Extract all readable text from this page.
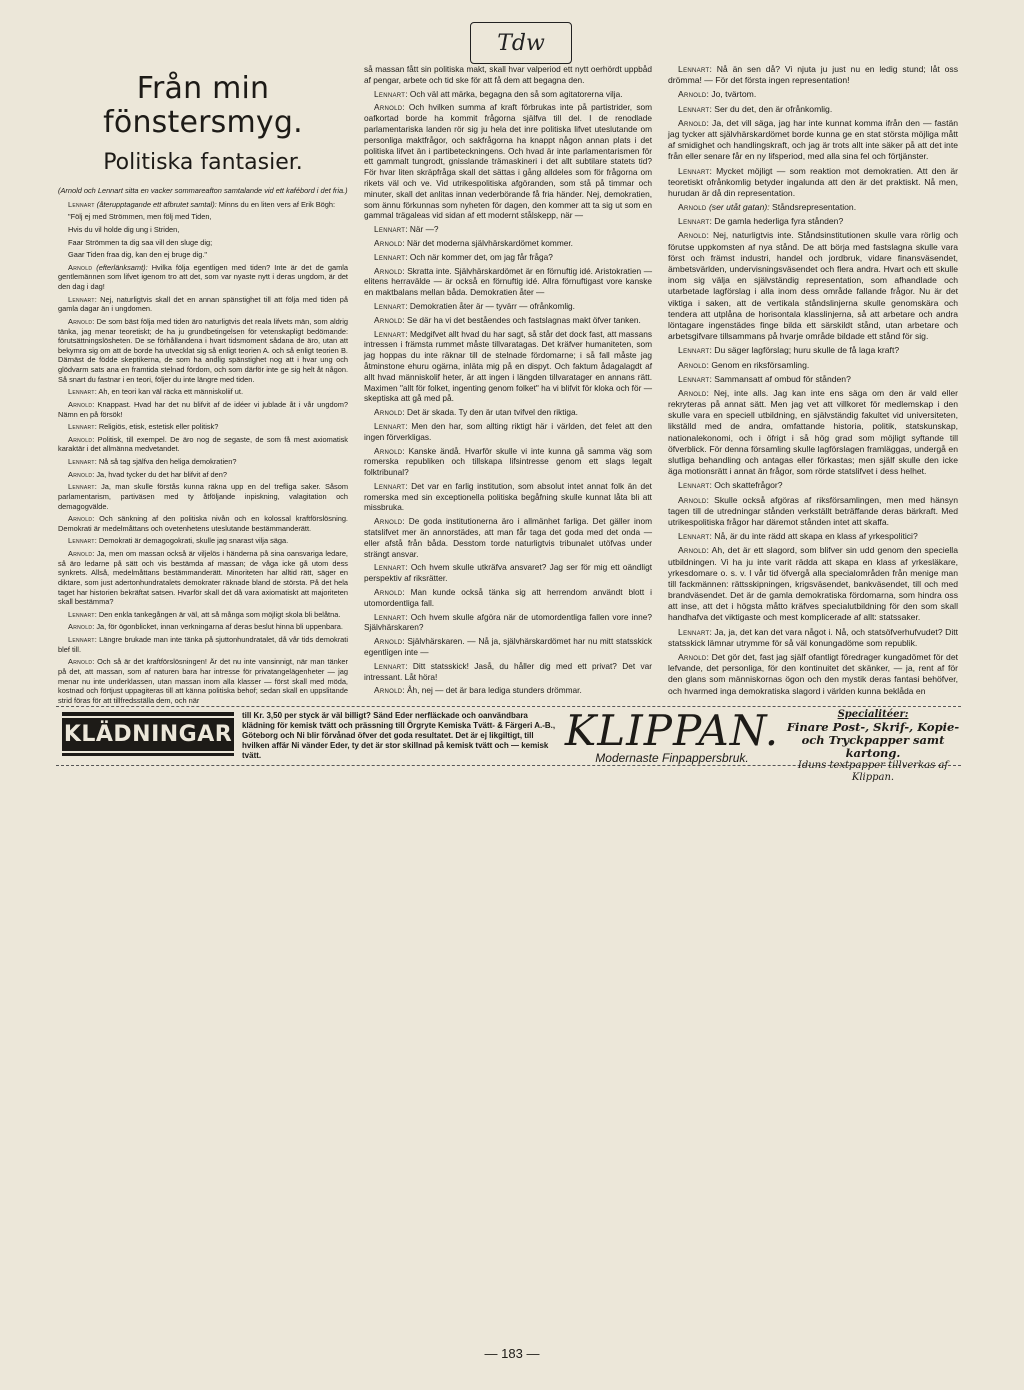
Tdw
Från min fönstersmyg.
Politiska fantasier.

(Arnold och Lennart sitta en vacker sommareafton samtalande vid ett kafébord i det fria.)

Lennart (återupptagande ett afbrutet samtal): Minns du en liten vers af Erik Bögh:

"Följ ej med Strömmen, men följ med Tiden,
Hvis du vil holde dig ung i Striden,
Faar Strömmen ta dig saa vill den sluge dig;
Gaar Tiden fraa dig, kan den ej bruge dig."

Arnold (efterlänksamt): Hvilka följa egentligen med tiden? Inte är det de gamla gentlemännen som lifvet igenom tro att det, som var nyaste nytt i deras ungdom, är det den dag i dag!

Lennart: Nej, naturligtvis skall det en annan spänstighet till att följa med tiden på gamla dagar än i ungdomen.

Arnold: De som bäst följa med tiden äro naturligtvis det reala lifvets män, som aldrig tänka, jag menar teoretiskt; de ha ju grundbetingelsen för vetenskapligt bedömande: förutsättningslösheten. De se förhållandena i hvart tidsmoment sådana de äro, utan att bekymra sig om att de borde ha utvecklat sig så enligt teorien A. och så enligt teorien B. Därnäst de födde skeptikerna, de som ha andlig spänstighet nog att i hvar ung och glödvarm sats ana en framtida stelnad fördom, och som därför inte ge sig helt åt någon. Så snart du fastnar i en teori, följer du inte längre med tiden.

Lennart: Ah, en teori kan väl räcka ett människoliif ut.

Arnold: Knappast. Hvad har det nu blifvit af de idéer vi jublade åt i vår ungdom? Nämn en på försök!

Lennart: Religiös, etisk, estetisk eller politisk?

Arnold: Politisk, till exempel. De äro nog de segaste, de som få mest axiomatisk karaktär i det allmänna medvetandet.

Lennart: Nå så tag själfva den heliga demokratien?

Arnold: Ja, hvad tycker du det har blifvit af den?

Lennart: Ja, man skulle förstås kunna räkna upp en del trefliga saker. Såsom parlamentarism, partiväsen med ty åtföljande inpiskning, valagitation och demagogvälde.

Arnold: Och sänkning af den politiska nivån och en kolossal kraftförslösning. Demokrati är medelmåttans och ovetenhetens uteslutande bestämmanderätt.

Lennart: Demokrati är demagogokrati, skulle jag snarast vilja säga.

Arnold: Ja, men om massan också är viljelös i händerna på sina oansvariga ledare, så äro ledarne på sätt och vis bestämda af massan; de våga icke gå utom dess synkrets. Allså, medelmåttans bestämmanderätt. Minoriteten har alltid rätt, säger en diktare, som just adertonhundratalets demokrater räknade bland de största. På det hela taget har historien bekräftat satsen. Hvarför skall det då vara axiomatiskt att majoriteten skall bestämma?

Lennart: Den enkla tankegången är väl, att så många som möjligt skola bli belåtna.

Arnold: Ja, för ögonblicket, innan verkningarna af deras beslut hinna bli uppenbara.

Lennart: Längre brukade man inte tänka på sjuttonhundratalet, då vår tids demokrati blef till.

Arnold: Och så är det kraftförslösningen! Är det nu inte vansinnigt, när man tänker på det, att massan, som af naturen bara har intresse för privatangelägenheter — jag menar nu inte underklassen, utan massan inom alla klasser — först skall med möda, kostnad och förtjust uppagiteras till att känna politiska behof; sedan skall en uppslitande strid föras för att tillfredsställa dem, och när

så massan fått sin politiska makt, skall hvar valperiod ett nytt oerhördt uppbåd af pengar, arbete och tid ske för att få dem att begagna den.

Lennart: Och väl att märka, begagna den så som agitatorerna vilja.

Arnold: Och hvilken summa af kraft förbrukas inte på partistrider, som oafkortad borde ha kommit frågorna själfva till del. I de renodlade parlamentariska landen rör sig ju hela det inre politiska lifvet uteslutande om personliga maktfrågor, och sakfrågorna ha knappt någon annan plats i det politiska lifvet än i partibeteckningens. Och hvad är inte parlamentarismen för ett gammalt tungrodt, gnisslande trämaskineri i det allt subtilare statets tid? För hvar liten skräpfråga skall det sättas i gång alldeles som för frågorna om rikets väl och ve. Vid utrikespolitiska afgöranden, som stå på timmar och minuter, skall det anlitas innan vederbörande få fria händer. Nej, demokratien, som ännu förkunnas som nyheten för dagen, den kommer att ta sig ut som en gammal trägaleas vid sidan af ett modernt stålskepp, när —

Lennart: När —?

Arnold: När det moderna självhärskardömet kommer.

Lennart: Och när kommer det, om jag får fråga?

Arnold: Skrattа inte. Självhärskardömet är en förnuftig idé. Aristokratien — elitens herravälde — är också en förnuftig idé. Allra förnuftigast vore kanske en maktbalans mellan båda. Demokratien åter —

Lennart: Demokratien åter är — tyvärr — ofrånkomlig.

Arnold: Se där ha vi det beståendes och fastslagnas makt öfver tanken.

Lennart: Medgifvet allt hvad du har sagt, så står det dock fast, att massans intressen i främsta rummet måste tillvaratagas. Det kräfver humaniteten, som jag hoppas du inte räknar till de stelnade fördomarne; i så fall måste jag åtminstone ehuru ogärna, inläta mig på en dispyt. Och faktum ådagalagdt af allt hvad människolif heter, är att ingen i längden tillvaratager en annans rätt. Maximen "allt för folket, ingenting genom folket" ha vi blifvit för kloka och för — skeptiska att gå med på.

Arnold: Det är skada. Ty den är utan tvifvel den riktiga.

Lennart: Men den har, som allting riktigt här i världen, det felet att den ingen förverkligas.

Arnold: Kanske ändå. Hvarför skulle vi inte kunna gå samma väg som romerska republiken och tillskapa lifsintresse genom ett slags legalt folktribunal?

Lennart: Det var en farlig institution, som absolut intet annat folk än det romerska med sin exceptionella politiska begåfning skulle kunnat låta bli att missbruka.

Arnold: De goda institutionerna äro i allmänhet farliga. Det gäller inom statslifvet mer än annorstädes, att man får taga det goda med det onda — eller afstå från båda. Desstom torde naturligtvis tribunalet utöfvas under strängt ansvar.

Lennart: Och hvem skulle utkräfva ansvaret? Jag ser för mig ett oändligt perspektiv af riksrätter.

Arnold: Man kunde också tänka sig att herrendom användt blott i utomordentliga fall.

Lennart: Och hvem skulle afgöra när de utomordentliga fallen vore inne? Självhärskaren?

Arnold: Självhärskaren. — Nå ja, självhärskardömet har nu mitt statsskick egentligen inte —

Lennart: Ditt statsskick! Jaså, du håller dig med ett privat? Det var intressant. Låt höra!

Arnold: Åh, nej — det är bara lediga stunders drömmar.

Lennart: Nå än sen då? Vi njuta ju just nu en ledig stund; låt oss drömma! — För det första ingen representation!

Arnold: Jo, tvärtom.

Lennart: Ser du det, den är ofrånkomlig.

Arnold: Ja, det vill säga, jag har inte kunnat komma ifrån den — fastän jag tycker att självhärskardömet borde kunna ge en stat största möjliga mått af smidighet och handlingskraft, och jag är trots allt inte säker på att det inte från eller senare får en ny lifsperiod, med alla sina fel och förtjänster.

Lennart: Mycket möjligt — som reaktion mot demokratien. Att den är teoretiskt ofrånkomlig betyder ingalunda att den är det praktiskt. Nå men, hurudan är då din representation.

Arnold (ser utåt gatan): Ståndsrepresentation.

Lennart: De gamla hederliga fyra stånden?

Arnold: Nej, naturligtvis inte. Ståndsinstitutionen skulle vara rörlig och förutse uppkomsten af nya stånd. De att börja med fastslagna skulle vara först och främst industri, handel och jordbruk, vidare finansväsendet, ämbetsvärlden, undervisningsväsendet och flera andra. Hvart och ett skulle inom sig välja en självständig representation, som afhandlade och utarbetade lagförslag i alla inom dess område fallande frågor. Nu är det viktiga i saken, att de vertikala ståndslinjerna skulle genomskära och tendera att utplåna de horisontala klasslinjerna, så att arbetare och andra löntagare ingenstädes finge bilda ett särskildt stånd, utan arbetare och arbetsgifvare tillsammans på hvarje område bildade ett stånd för sig.

Lennart: Du säger lagförslag; huru skulle de få laga kraft?

Arnold: Genom en riksförsamling.

Lennart: Sammansatt af ombud för stånden?

Arnold: Nej, inte alls. Jag kan inte ens säga om den är vald eller rekryteras på annat sätt. Men jag vet att villkoret för medlemskap i den skulle vara en speciell utbildning, en självständig fakultet vid universiteten, likställd med de andra, omfattande historia, politik, statskunskap, nationalekonomi, och i öfrigt i så hög grad som möjligt syftande till öfverblick. För denna församling skulle lagförslagen framläggas, undergå en slutliga behandling och antagas eller förkastas; men själf skulle den icke äga motionsrätt i annat än frågor, som rörde statslifvet i dess helhet.

Lennart: Och skattefrågor?

Arnold: Skulle också afgöras af riksförsamlingen, men med hänsyn tagen till de utredningar stånden verkställt beträffande deras bärkraft. Med utrikespolitiska frågor har däremot stånden intet att skaffa.

Lennart: Nå, är du inte rädd att skapa en klass af yrkespolitici?

Arnold: Ah, det är ett slagord, som blifver sin udd genom den speciella utbildningen. Vi ha ju inte varit rädda att skapa en klass af yrkesläkare, yrkesdomare o. s. v. I vår tid öfvergå alla specialområden från menige man till fackmännen: rättsskipningen, krigsväsendet, bankväsendet, till och med brandväsendet. Det är de gamla demokratiska fördomarna, som hindra oss att inse, att det i högsta måtto kräfves specialutbildning för den som skall handhafva det viktigaste och mest komplicerade af allt: statssaker.

Lennart: Ja, ja, det kan det vara något i. Nå, och statsöfverhufvudet? Ditt statsskick lämnar utrymme för så väl konungadöme som republik.

Arnold: Det gör det, fast jag själf ofantligt föredrager kungadömet för det lefvande, det personliga, för den kontinuitet det skänker, — ja, rent af för den glans som människornas ögon och den mystik deras fantasi behöfver, och hvarmed inga demokratiska slagord i världen kunna beklåda en

KLÄDNINGAR
till Kr. 3,50 per styck är väl billigt? Sänd Eder nerfläckade och oanvändbara klädning för kemisk tvätt och prässning till Örgryte Kemiska Tvätt- & Färgeri A.-B., Göteborg och Ni blir förvånad öfver det goda resultatet. Det är ej likgiltigt, till hvilken affär Ni vänder Eder, ty det är stor skillnad på kemisk tvätt och — kemisk tvätt.
KLIPPAN.
Modernaste Finpappersbruk.
Specialitéer:
Finare Post-, Skrif-, Kopie- och Tryckpapper samt kartong.
Iduns textpapper tillverkas af Klippan.
— 183 —
